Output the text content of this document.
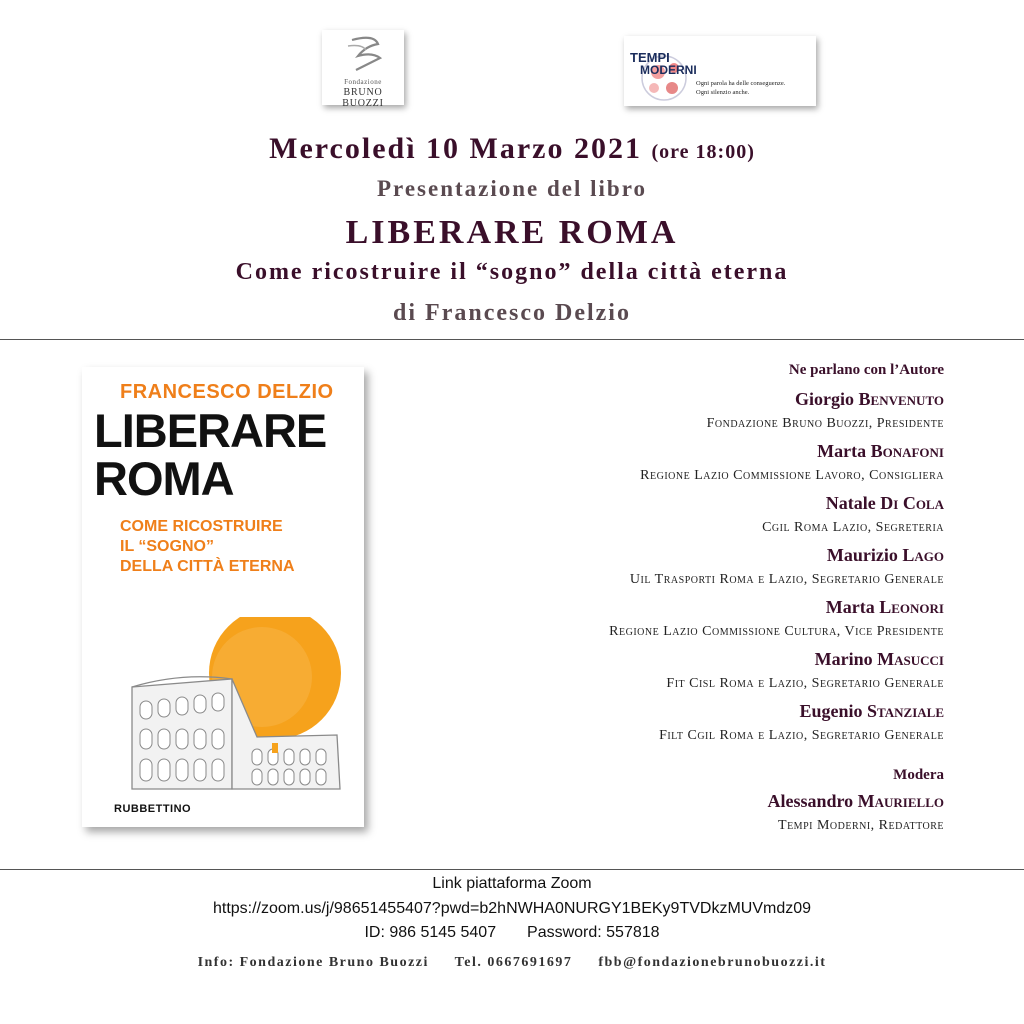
Fondazione
BRUNO BUOZZI
TEMPI
MODERNI
Ogni parola ha delle conseguenze.
Ogni silenzio anche.
Mercoledì 10 Marzo 2021 (ore 18:00)
Presentazione del libro
LIBERARE ROMA
Come ricostruire il “sogno” della città eterna
di Francesco Delzio
FRANCESCO DELZIO
LIBERARE
ROMA
COME RICOSTRUIRE
IL “SOGNO”
DELLA CITTÀ ETERNA
RUBBETTINO
Ne parlano con l’Autore
Giorgio Benvenuto
Fondazione Bruno Buozzi, Presidente
Marta Bonafoni
Regione Lazio Commissione Lavoro, Consigliera
Natale Di Cola
Cgil Roma Lazio, Segreteria
Maurizio Lago
Uil Trasporti Roma e Lazio, Segretario Generale
Marta Leonori
Regione Lazio Commissione Cultura, Vice Presidente
Marino Masucci
Fit Cisl Roma e Lazio, Segretario Generale
Eugenio Stanziale
Filt Cgil Roma e Lazio, Segretario Generale
Modera
Alessandro Mauriello
Tempi Moderni, Redattore
Link piattaforma Zoom
https://zoom.us/j/98651455407?pwd=b2hNWHA0NURGY1BEKy9TVDkzMUVmdz09
ID: 986 5145 5407 Password: 557818
Info: Fondazione Bruno Buozzi Tel. 0667691697 fbb@fondazionebrunobuozzi.it
